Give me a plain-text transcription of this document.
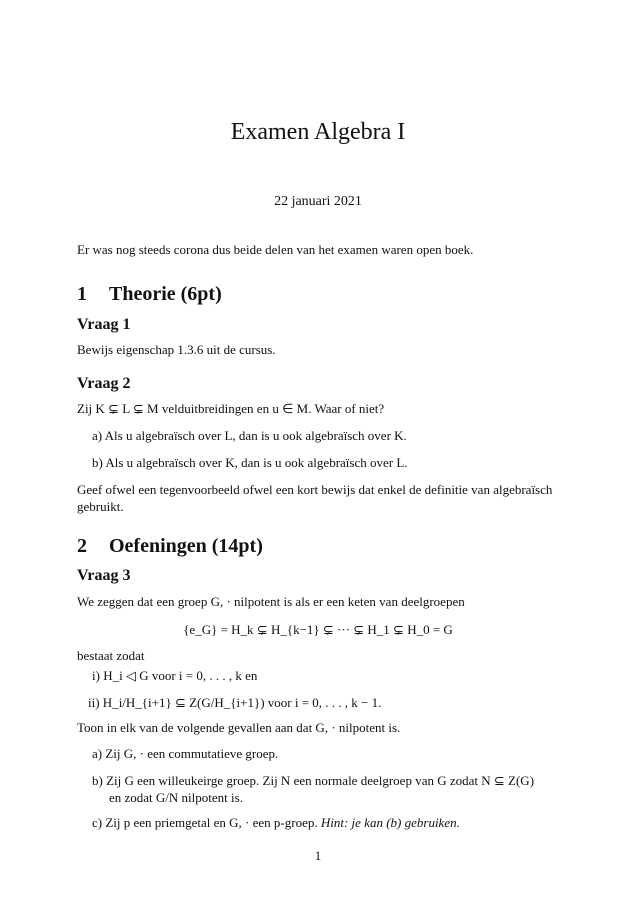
Examen Algebra I
22 januari 2021
Er was nog steeds corona dus beide delen van het examen waren open boek.
1 Theorie (6pt)
Vraag 1
Bewijs eigenschap 1.3.6 uit de cursus.
Vraag 2
Zij K ⊊ L ⊊ M velduitbreidingen en u ∈ M. Waar of niet?
a) Als u algebraïsch over L, dan is u ook algebraïsch over K.
b) Als u algebraïsch over K, dan is u ook algebraïsch over L.
Geef ofwel een tegenvoorbeeld ofwel een kort bewijs dat enkel de definitie van algebraïsch
gebruikt.
2 Oefeningen (14pt)
Vraag 3
We zeggen dat een groep G, · nilpotent is als er een keten van deelgroepen
{e_G} = H_k ⊊ H_{k−1} ⊊ ··· ⊊ H_1 ⊊ H_0 = G
bestaat zodat
i) H_i ◁ G voor i = 0, . . . , k en
ii) H_i/H_{i+1} ⊆ Z(G/H_{i+1}) voor i = 0, . . . , k − 1.
Toon in elk van de volgende gevallen aan dat G, · nilpotent is.
a) Zij G, · een commutatieve groep.
b) Zij G een willeukeirge groep. Zij N een normale deelgroep van G zodat N ⊆ Z(G)
en zodat G/N nilpotent is.
c) Zij p een priemgetal en G, · een p-groep. Hint: je kan (b) gebruiken.
1
